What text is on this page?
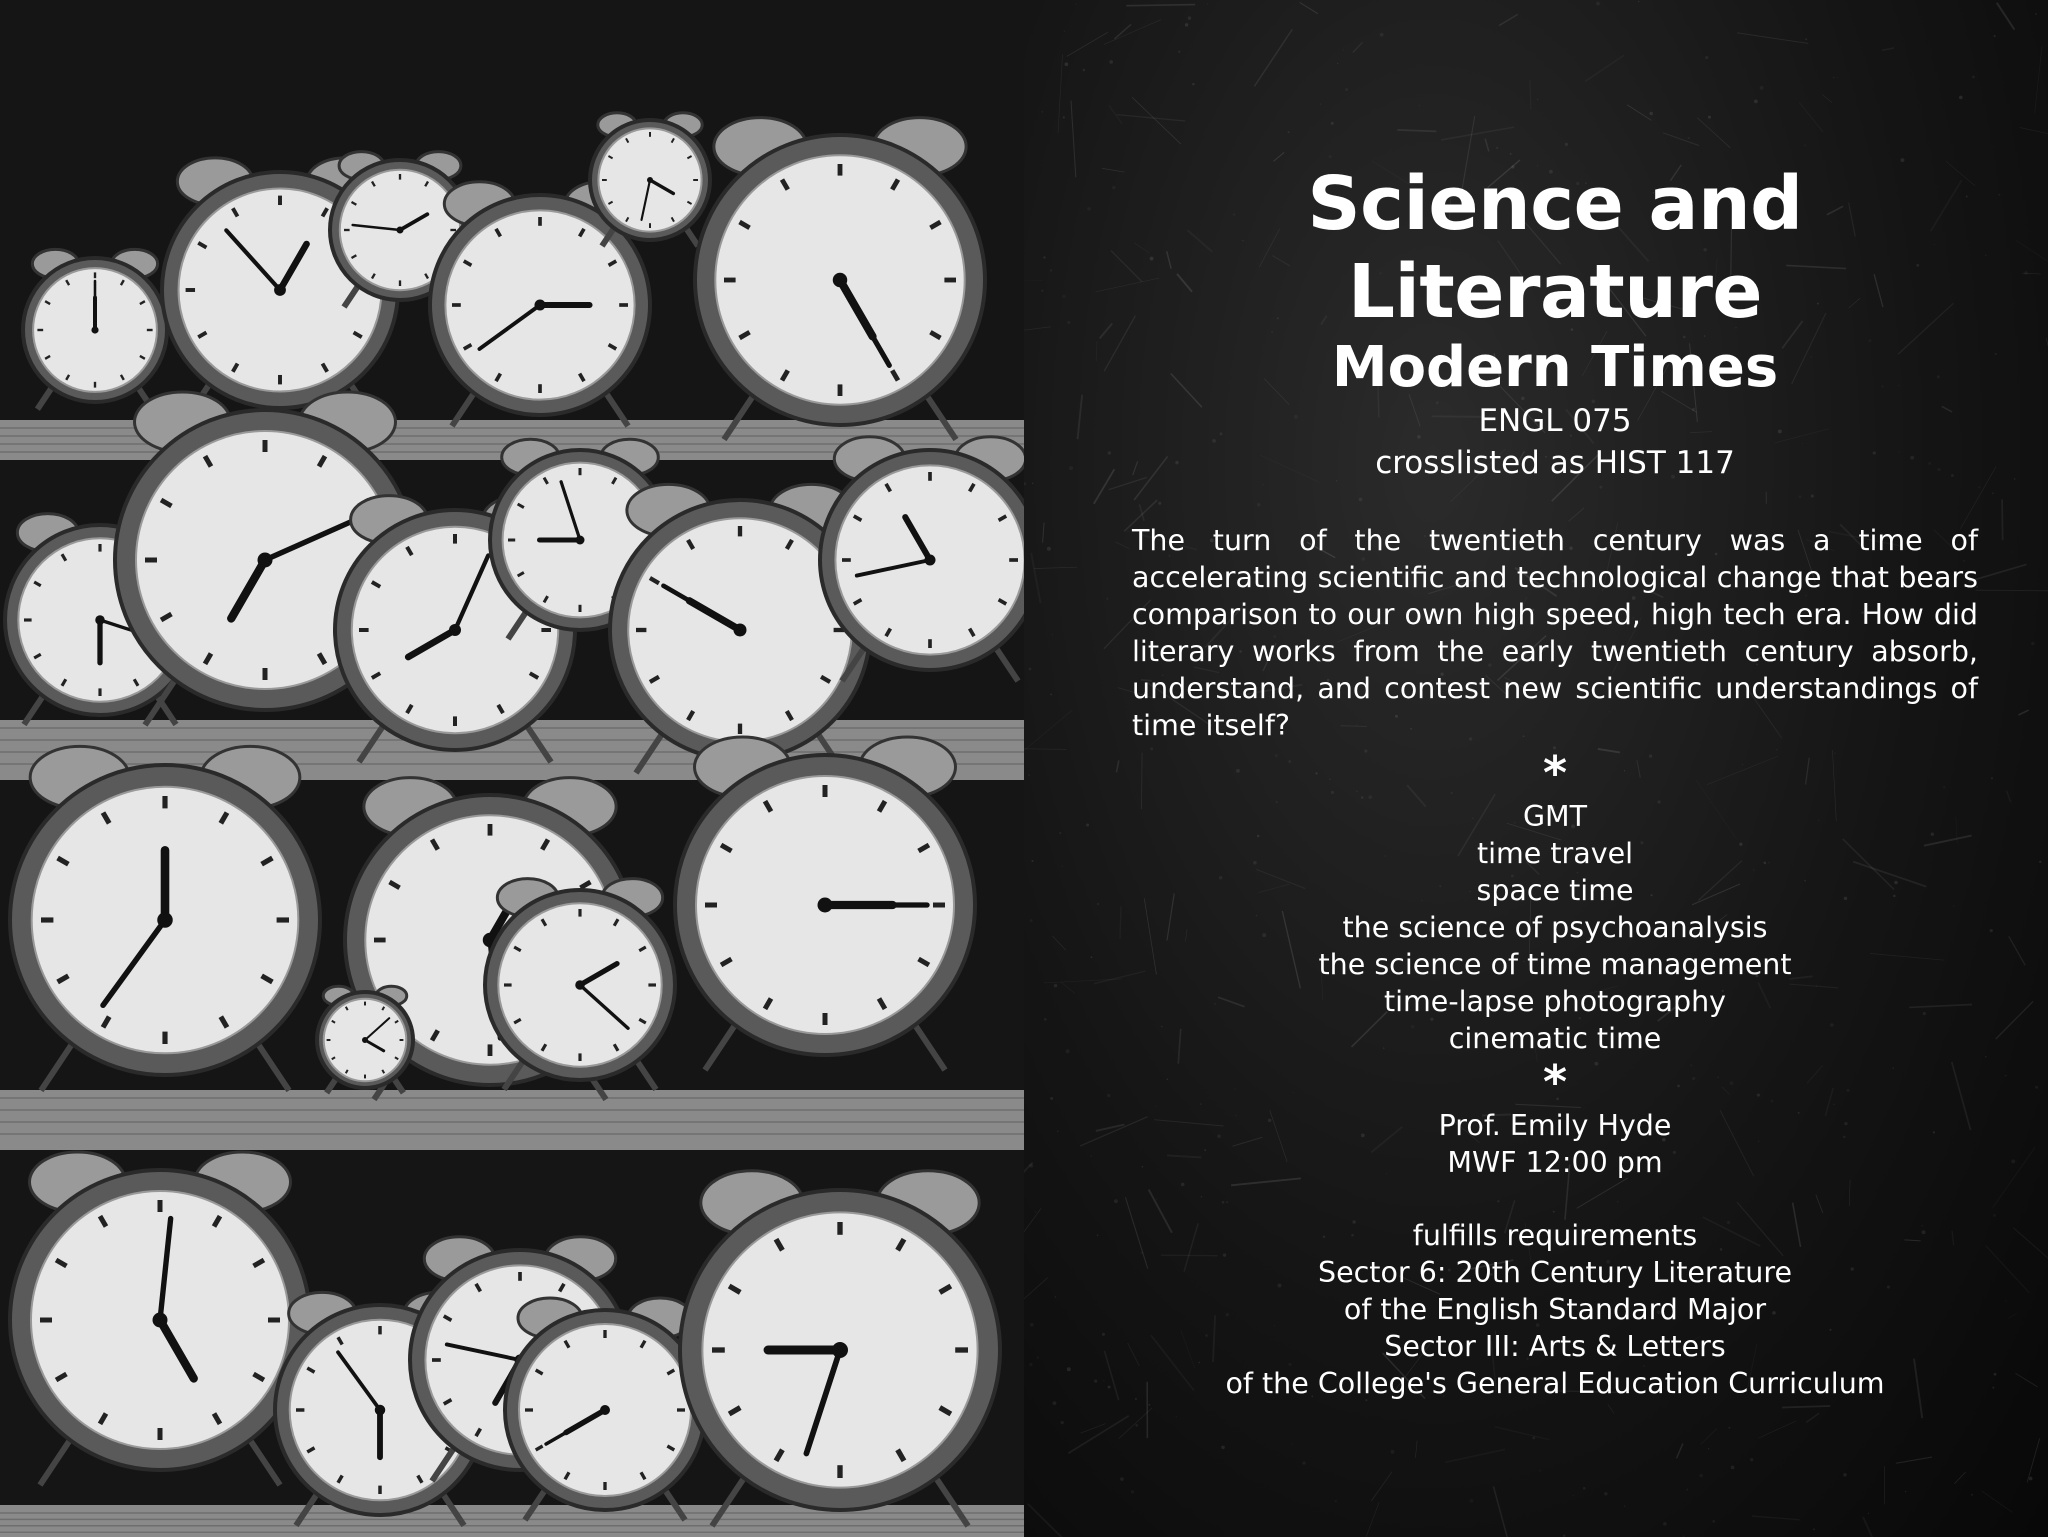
Science and Literature
Modern Times
ENGL 075
crosslisted as HIST 117
The turn of the twentieth century was a time of accelerating scientific and technological change that bears comparison to our own high speed, high tech era. How did literary works from the early twentieth century absorb, understand, and contest new scientific understandings of time itself?
*
GMT
time travel
space time
the science of psychoanalysis
the science of time management
time-lapse photography
cinematic time
*
Prof. Emily Hyde
MWF 12:00 pm
fulfills requirements
Sector 6: 20th Century Literature
of the English Standard Major
Sector III: Arts & Letters
of the College's General Education Curriculum
